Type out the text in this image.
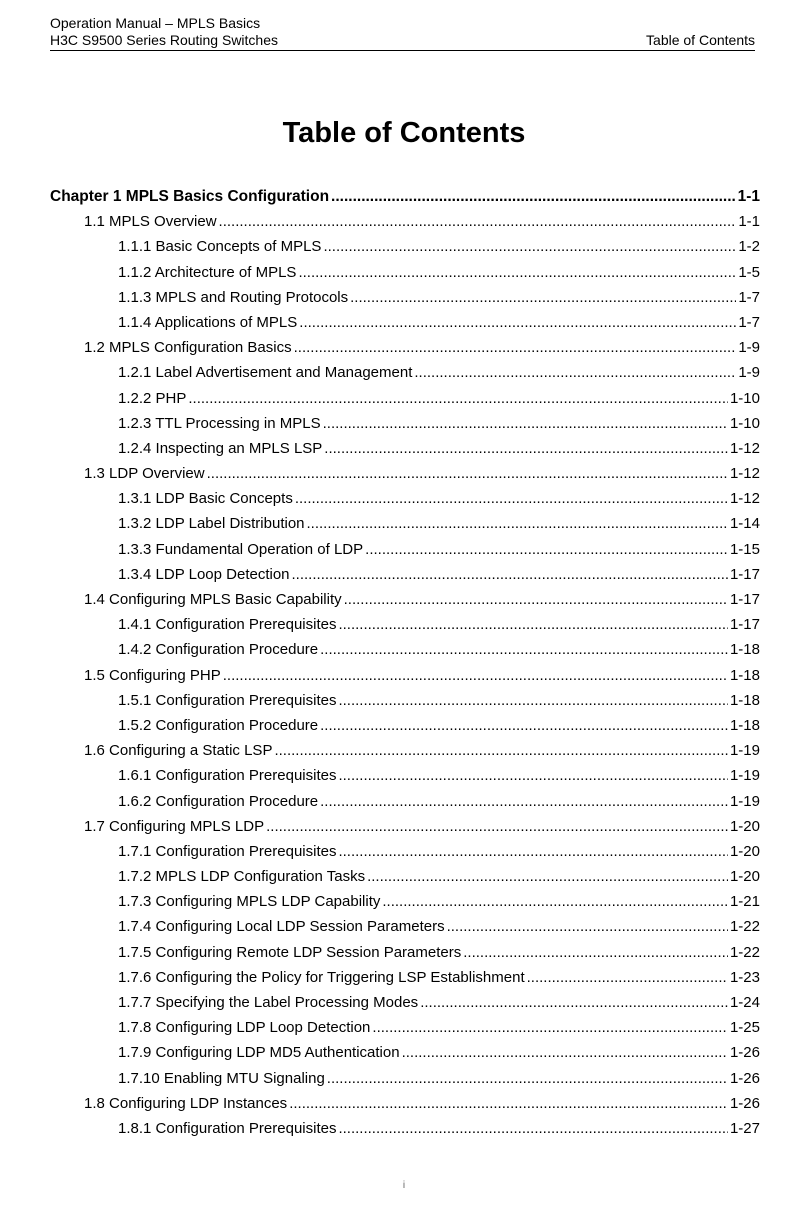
Operation Manual – MPLS Basics
H3C S9500 Series Routing Switches	Table of Contents
Table of Contents
Chapter 1 MPLS Basics Configuration .....	1-1
1.1 MPLS Overview .....	1-1
1.1.1 Basic Concepts of MPLS .....	1-2
1.1.2 Architecture of MPLS .....	1-5
1.1.3 MPLS and Routing Protocols .....	1-7
1.1.4 Applications of MPLS .....	1-7
1.2 MPLS Configuration Basics .....	1-9
1.2.1 Label Advertisement and Management .....	1-9
1.2.2 PHP .....	1-10
1.2.3 TTL Processing in MPLS .....	1-10
1.2.4 Inspecting an MPLS LSP .....	1-12
1.3 LDP Overview .....	1-12
1.3.1 LDP Basic Concepts .....	1-12
1.3.2 LDP Label Distribution .....	1-14
1.3.3 Fundamental Operation of LDP .....	1-15
1.3.4 LDP Loop Detection .....	1-17
1.4 Configuring MPLS Basic Capability .....	1-17
1.4.1 Configuration Prerequisites .....	1-17
1.4.2 Configuration Procedure .....	1-18
1.5 Configuring PHP .....	1-18
1.5.1 Configuration Prerequisites .....	1-18
1.5.2 Configuration Procedure .....	1-18
1.6 Configuring a Static LSP .....	1-19
1.6.1 Configuration Prerequisites .....	1-19
1.6.2 Configuration Procedure .....	1-19
1.7 Configuring MPLS LDP .....	1-20
1.7.1 Configuration Prerequisites .....	1-20
1.7.2 MPLS LDP Configuration Tasks .....	1-20
1.7.3 Configuring MPLS LDP Capability .....	1-21
1.7.4 Configuring Local LDP Session Parameters .....	1-22
1.7.5 Configuring Remote LDP Session Parameters .....	1-22
1.7.6 Configuring the Policy for Triggering LSP Establishment .....	1-23
1.7.7 Specifying the Label Processing Modes .....	1-24
1.7.8 Configuring LDP Loop Detection .....	1-25
1.7.9 Configuring LDP MD5 Authentication .....	1-26
1.7.10 Enabling MTU Signaling .....	1-26
1.8 Configuring LDP Instances .....	1-26
1.8.1 Configuration Prerequisites .....	1-27
i
